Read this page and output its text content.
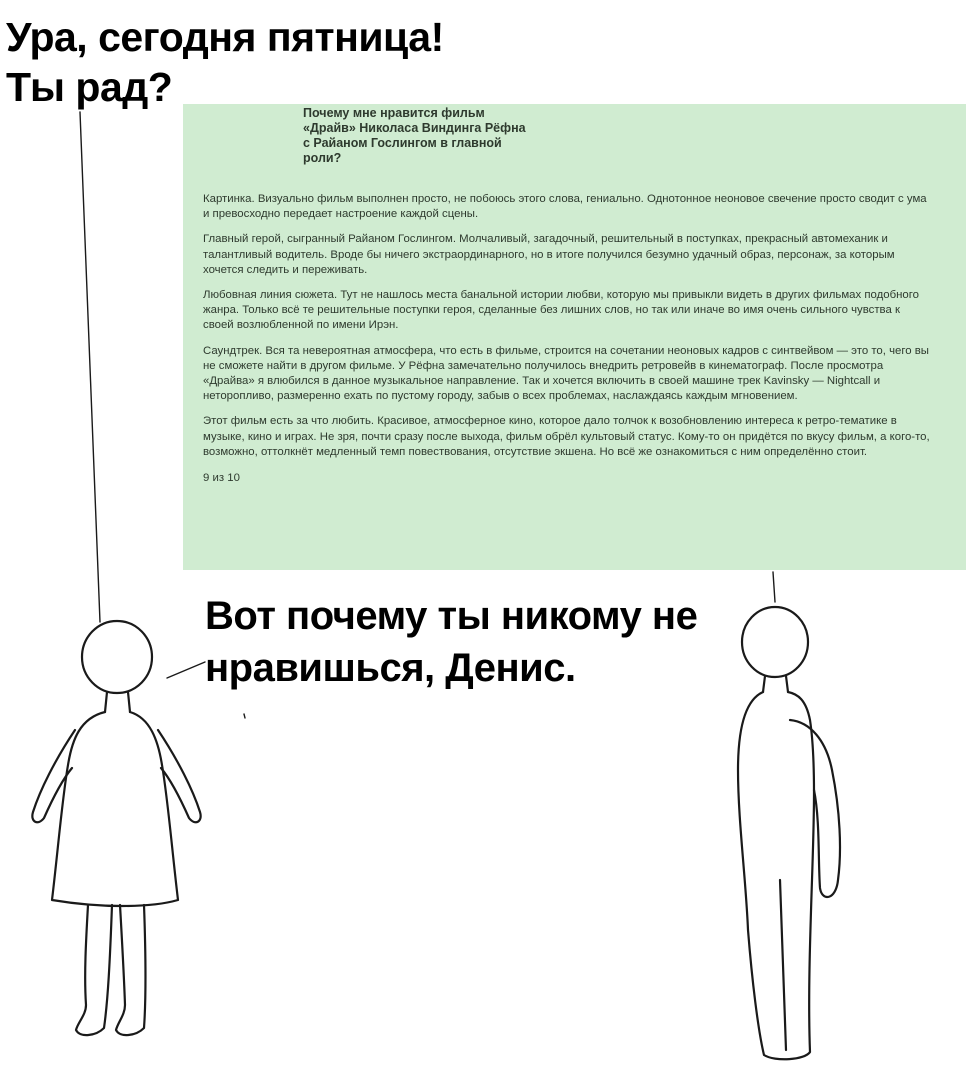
Ура, сегодня пятница!
Ты рад?
Почему мне нравится фильм
«Драйв» Николаса Виндинга Рёфна
с Райаном Гослингом в главной
роли?

Картинка. Визуально фильм выполнен просто, не побоюсь этого слова, гениально. Однотонное неоновое свечение просто сводит с ума и превосходно передает настроение каждой сцены.

Главный герой, сыгранный Райаном Гослингом. Молчаливый, загадочный, решительный в поступках, прекрасный автомеханик и талантливый водитель. Вроде бы ничего экстраординарного, но в итоге получился безумно удачный образ, персонаж, за которым хочется следить и переживать.

Любовная линия сюжета. Тут не нашлось места банальной истории любви, которую мы привыкли видеть в других фильмах подобного жанра. Только всё те решительные поступки героя, сделанные без лишних слов, но так или иначе во имя очень сильного чувства к своей возлюбленной по имени Ирэн.

Саундтрек. Вся та невероятная атмосфера, что есть в фильме, строится на сочетании неоновых кадров с синтвейвом — это то, чего вы не сможете найти в другом фильме. У Рёфна замечательно получилось внедрить ретровейв в кинематограф. После просмотра «Драйва» я влюбился в данное музыкальное направление. Так и хочется включить в своей машине трек Kavinsky — Nightcall и неторопливо, размеренно ехать по пустому городу, забыв о всех проблемах, наслаждаясь каждым мгновением.

Этот фильм есть за что любить. Красивое, атмосферное кино, которое дало толчок к возобновлению интереса к ретро-тематике в музыке, кино и играх. Не зря, почти сразу после выхода, фильм обрёл культовый статус. Кому-то он придётся по вкусу фильм, а кого-то, возможно, оттолкнёт медленный темп повествования, отсутствие экшена. Но всё же ознакомиться с ним определённо стоит.

9 из 10
Вот почему ты никому не
нравишься, Денис.
